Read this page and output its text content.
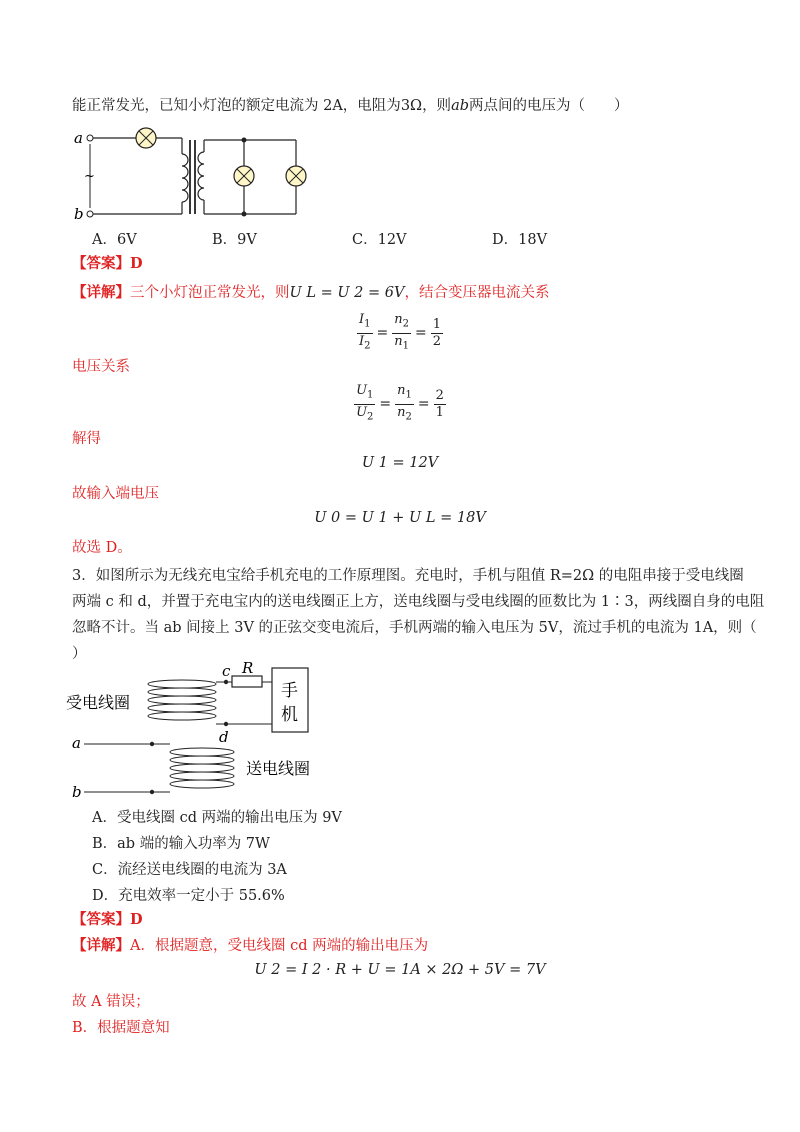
能正常发光，已知小灯泡的额定电流为 2A，电阻为3Ω，则ab两点间的电压为（　　）
a
b
~
A．6V	B．9V	C．12V	D．18V
【答案】D
【详解】三个小灯泡正常发光，则U L = U 2 = 6V，结合变压器电流关系
$\frac{I_1}{I_2} = \frac{n_2}{n_1} = \frac{1}{2}$
电压关系
$\frac{U_1}{U_2} = \frac{n_1}{n_2} = \frac{2}{1}$
解得
U 1 = 12V
故输入端电压
U 0 = U 1 + U L = 18V
故选 D。
3．如图所示为无线充电宝给手机充电的工作原理图。充电时，手机与阻值 R=2Ω 的电阻串接于受电线圈
两端 c 和 d，并置于充电宝内的送电线圈正上方，送电线圈与受电线圈的匝数比为 1∶3，两线圈自身的电阻
忽略不计。当 ab 间接上 3V 的正弦交变电流后，手机两端的输入电压为 5V，流过手机的电流为 1A，则（
）
受电线圈
送电线圈
手
机
c R
d
a
b
A．受电线圈 cd 两端的输出电压为 9V
B．ab 端的输入功率为 7W
C．流经送电线圈的电流为 3A
D．充电效率一定小于 55.6%
【答案】D
【详解】A．根据题意，受电线圈 cd 两端的输出电压为
U 2 = I 2 · R + U = 1A × 2Ω + 5V = 7V
故 A 错误；
B．根据题意知
